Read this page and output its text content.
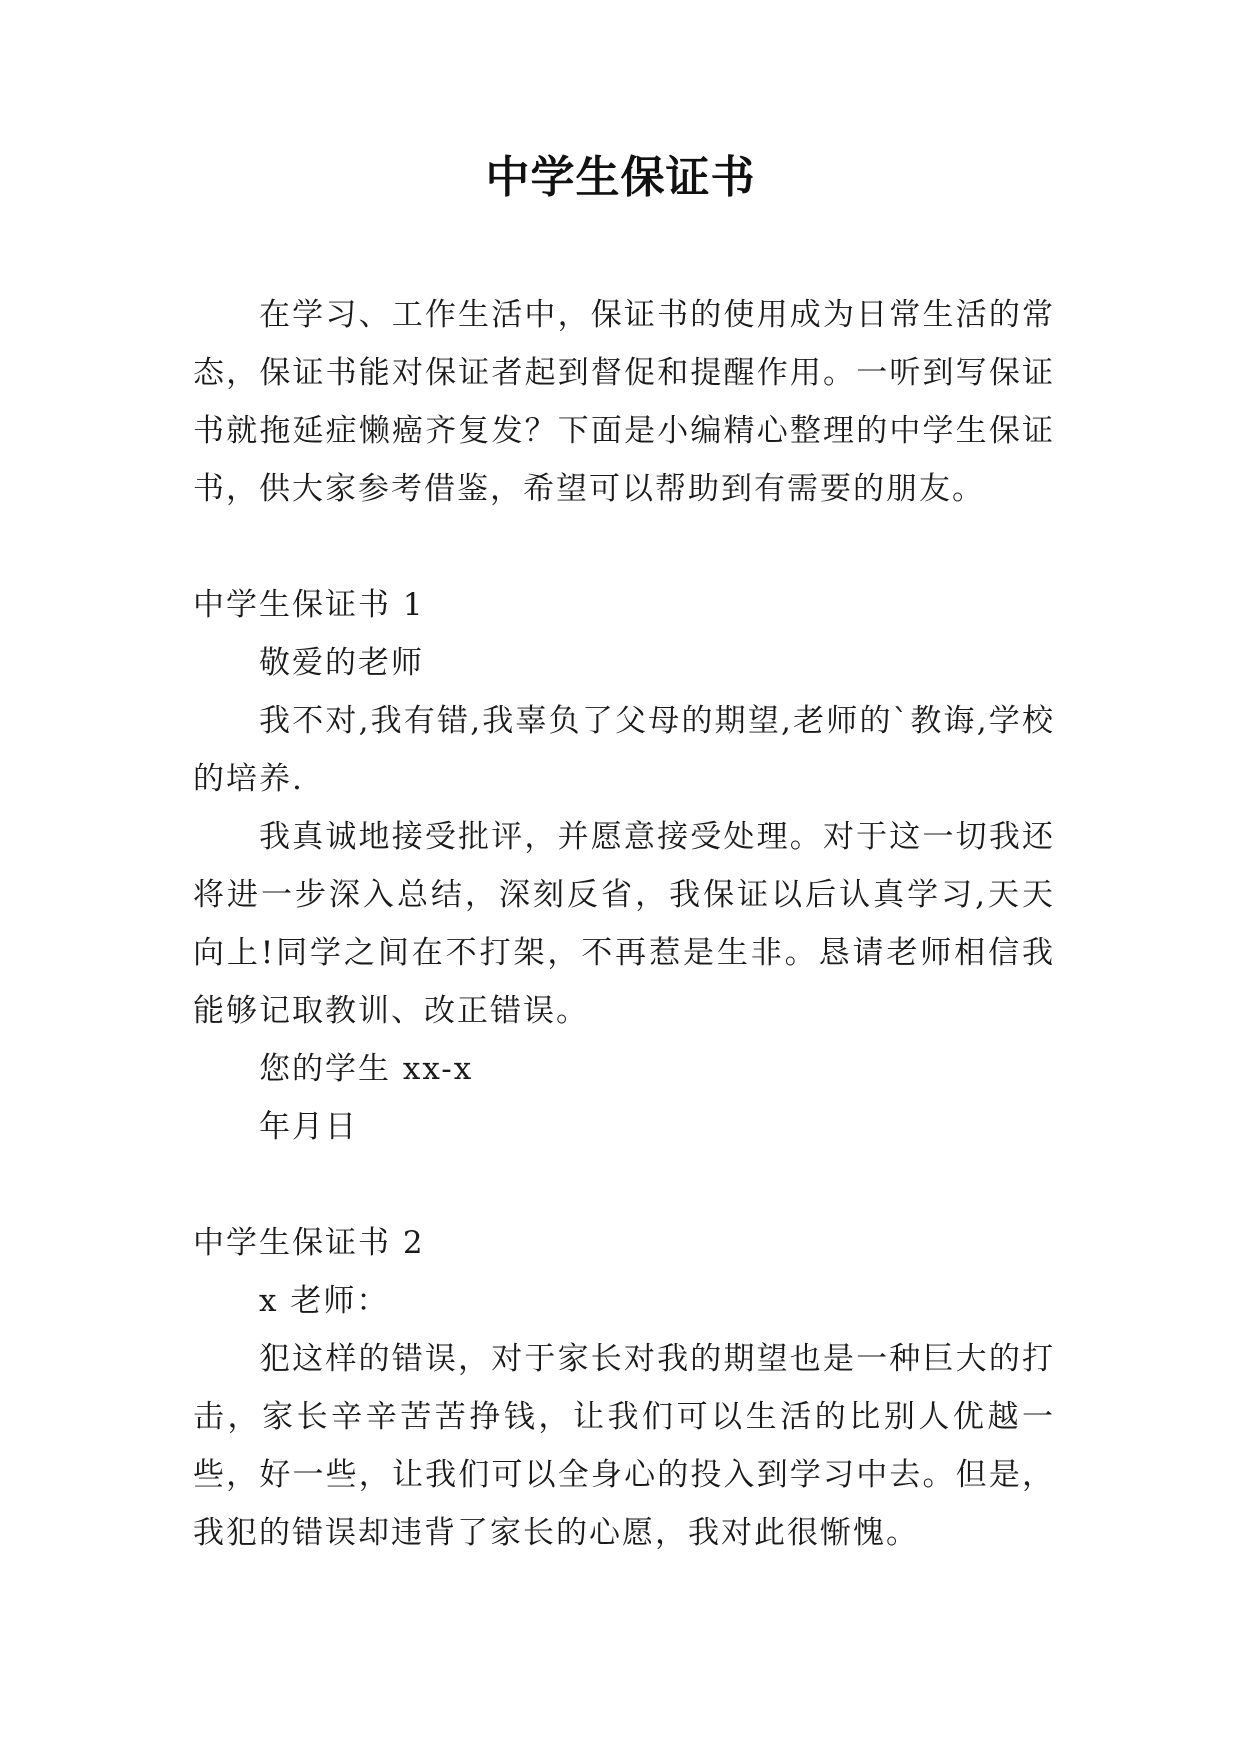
中学生保证书

在学习、工作生活中，保证书的使用成为日常生活的常态，保证书能对保证者起到督促和提醒作用。一听到写保证书就拖延症懒癌齐复发？下面是小编精心整理的中学生保证书，供大家参考借鉴，希望可以帮助到有需要的朋友。

中学生保证书 1

敬爱的老师

我不对,我有错,我辜负了父母的期望,老师的`教诲,学校的培养.

我真诚地接受批评，并愿意接受处理。对于这一切我还将进一步深入总结，深刻反省，我保证以后认真学习,天天向上!同学之间在不打架，不再惹是生非。恳请老师相信我能够记取教训、改正错误。

您的学生 xx-x

年月日

中学生保证书 2

x 老师：

犯这样的错误，对于家长对我的期望也是一种巨大的打击，家长辛辛苦苦挣钱，让我们可以生活的比别人优越一些，好一些，让我们可以全身心的投入到学习中去。但是，我犯的错误却违背了家长的心愿，我对此很惭愧。
